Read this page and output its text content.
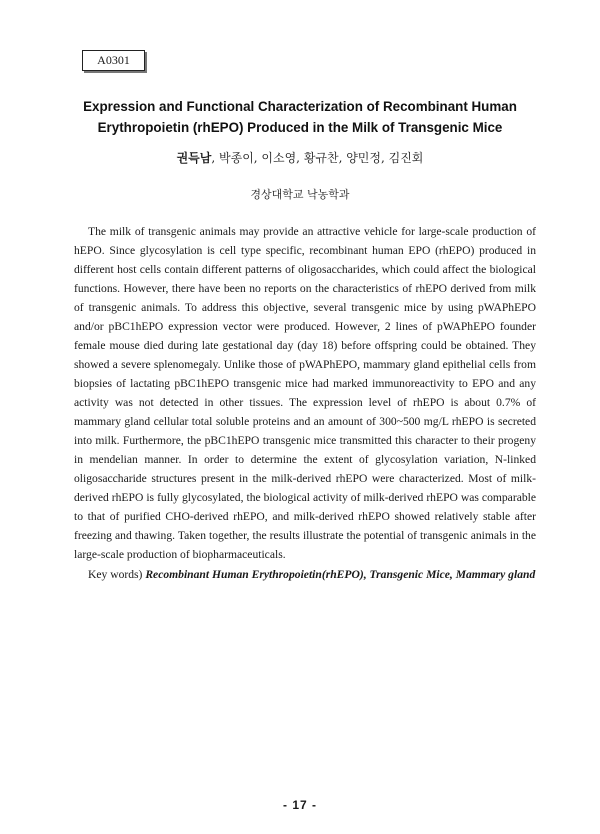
A0301
Expression and Functional Characterization of Recombinant Human
Erythropoietin (rhEPO) Produced in the Milk of Transgenic Mice
권득남, 박종이, 이소영, 황규찬, 양민정, 김진회
경상대학교 낙농학과

The milk of transgenic animals may provide an attractive vehicle for large-scale production of hEPO. Since glycosylation is cell type specific, recombinant human EPO (rhEPO) produced in different host cells contain different patterns of oligosaccharides, which could affect the biological functions. However, there have been no reports on the characteristics of rhEPO derived from milk of transgenic animals. To address this objective, several transgenic mice by using pWAPhEPO and/or pBC1hEPO expression vector were produced. However, 2 lines of pWAPhEPO founder female mouse died during late gestational day (day 18) before offspring could be obtained. They showed a severe splenomegaly. Unlike those of pWAPhEPO, mammary gland epithelial cells from biopsies of lactating pBC1hEPO transgenic mice had marked immunoreactivity to EPO and any activity was not detected in other tissues. The expression level of rhEPO is about 0.7% of mammary gland cellular total soluble proteins and an amount of 300~500 mg/L rhEPO is secreted into milk. Furthermore, the pBC1hEPO transgenic mice transmitted this character to their progeny in mendelian manner. In order to determine the extent of glycosylation variation, N-linked oligosaccharide structures present in the milk-derived rhEPO were characterized. Most of milk-derived rhEPO is fully glycosylated, the biological activity of milk-derived rhEPO was comparable to that of purified CHO-derived rhEPO, and milk-derived rhEPO showed relatively stable after freezing and thawing. Taken together, the results illustrate the potential of transgenic animals in the large-scale production of biopharmaceuticals.

Key words) Recombinant Human Erythropoietin(rhEPO), Transgenic Mice, Mammary gland
- 17 -
